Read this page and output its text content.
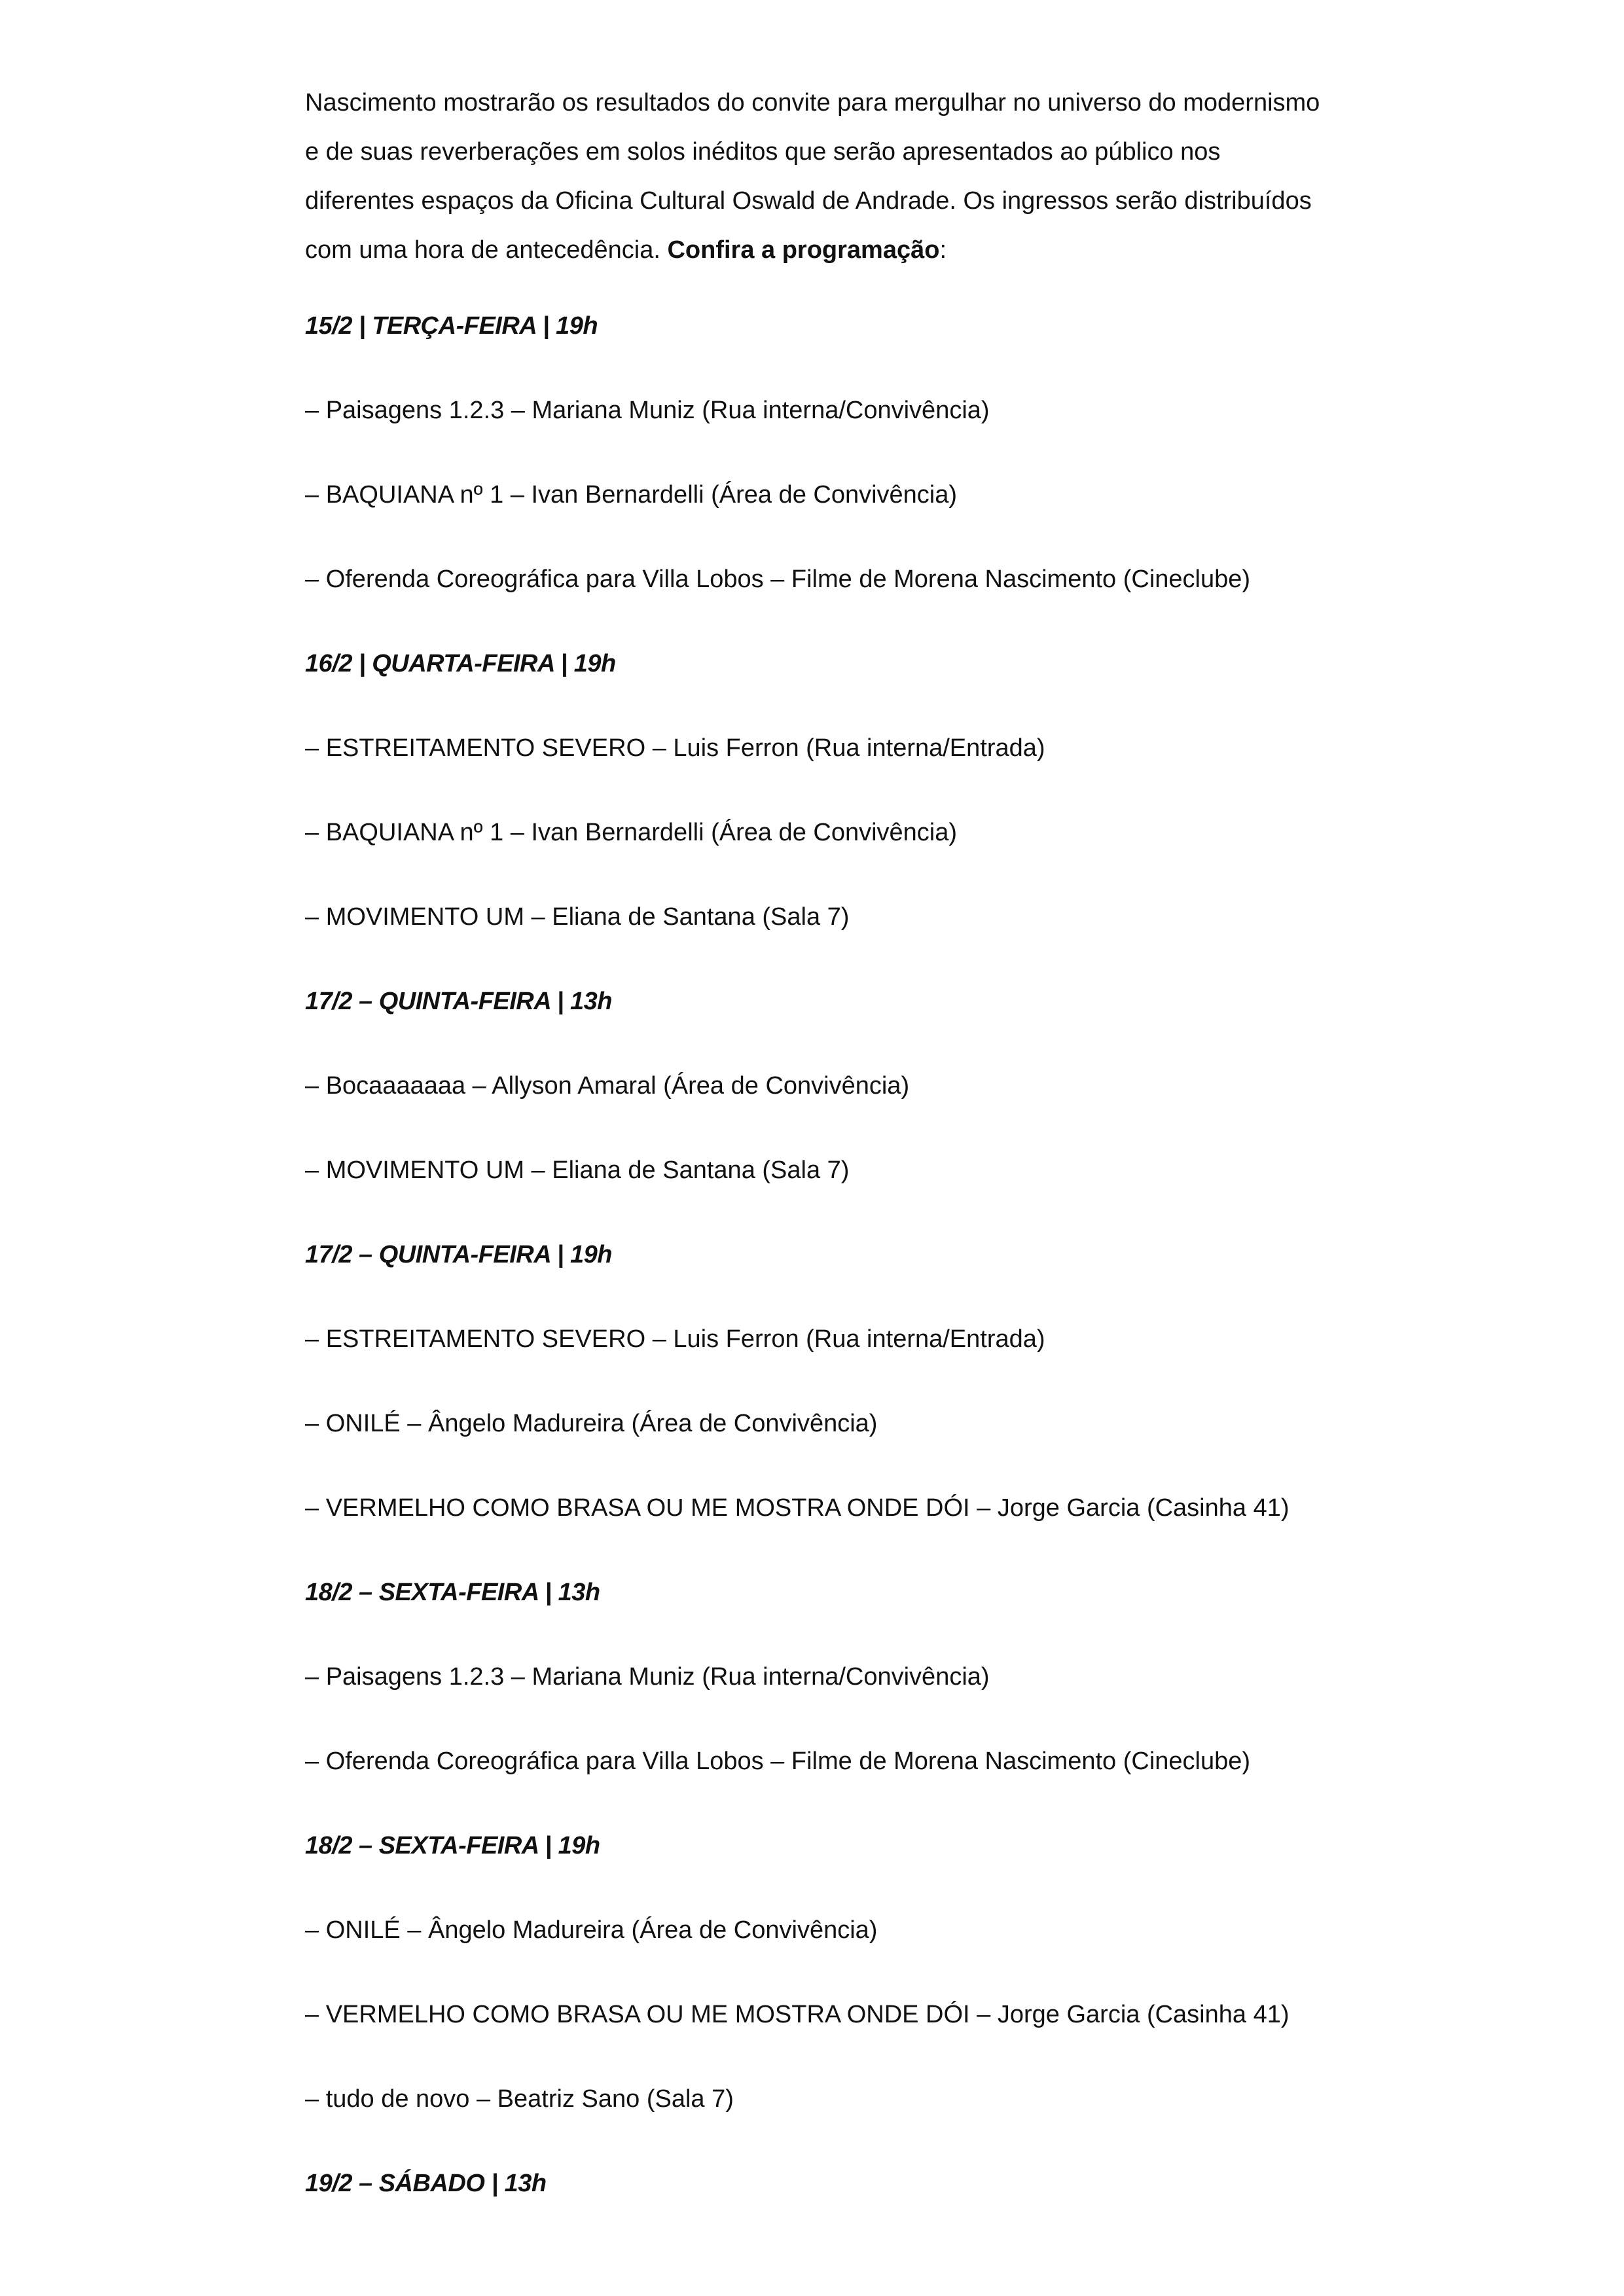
Nascimento mostrarão os resultados do convite para mergulhar no universo do modernismo e de suas reverberações em solos inéditos que serão apresentados ao público nos diferentes espaços da Oficina Cultural Oswald de Andrade. Os ingressos serão distribuídos com uma hora de antecedência. Confira a programação:

15/2 | TERÇA-FEIRA | 19h

– Paisagens 1.2.3 – Mariana Muniz (Rua interna/Convivência)

– BAQUIANA nº 1 – Ivan Bernardelli (Área de Convivência)

– Oferenda Coreográfica para Villa Lobos – Filme de Morena Nascimento (Cineclube)

16/2 | QUARTA-FEIRA | 19h

– ESTREITAMENTO SEVERO – Luis Ferron (Rua interna/Entrada)

– BAQUIANA nº 1 – Ivan Bernardelli (Área de Convivência)

– MOVIMENTO UM – Eliana de Santana (Sala 7)

17/2 – QUINTA-FEIRA | 13h

– Bocaaaaaaa – Allyson Amaral (Área de Convivência)

– MOVIMENTO UM – Eliana de Santana (Sala 7)

17/2 – QUINTA-FEIRA | 19h

– ESTREITAMENTO SEVERO – Luis Ferron (Rua interna/Entrada)

– ONILÉ – Ângelo Madureira (Área de Convivência)

– VERMELHO COMO BRASA OU ME MOSTRA ONDE DÓI – Jorge Garcia (Casinha 41)

18/2 – SEXTA-FEIRA | 13h

– Paisagens 1.2.3 – Mariana Muniz (Rua interna/Convivência)

– Oferenda Coreográfica para Villa Lobos – Filme de Morena Nascimento (Cineclube)

18/2 – SEXTA-FEIRA | 19h

– ONILÉ – Ângelo Madureira (Área de Convivência)

– VERMELHO COMO BRASA OU ME MOSTRA ONDE DÓI – Jorge Garcia (Casinha 41)

– tudo de novo – Beatriz Sano (Sala 7)

19/2 – SÁBADO | 13h
